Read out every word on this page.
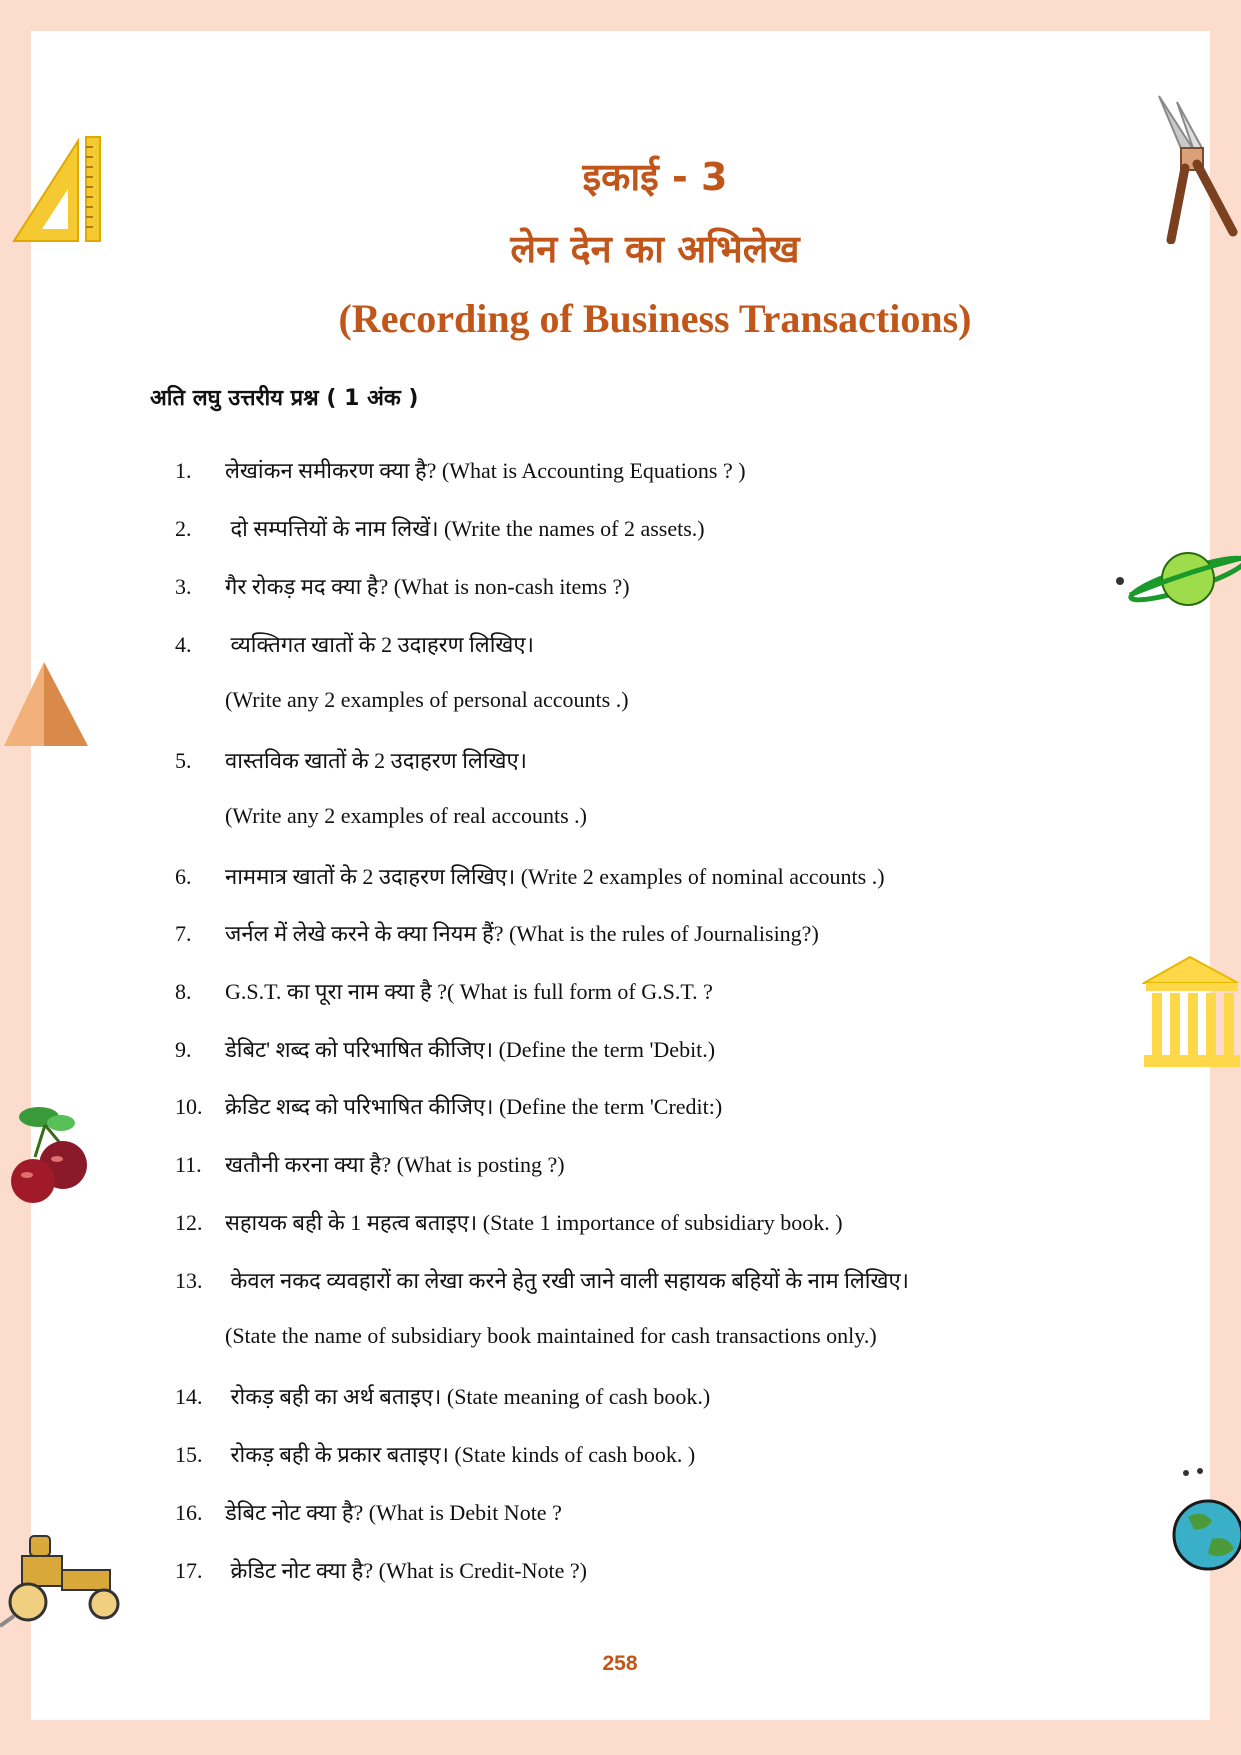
इकाई - 3
लेन देन का अभिलेख
(Recording of Business Transactions)
अति लघु उत्तरीय प्रश्न ( 1 अंक )
1. लेखांकन समीकरण क्या है? (What is Accounting Equations ? )
2. दो सम्पत्तियों के नाम लिखें। (Write the names of 2 assets.)
3. गैर रोकड़ मद क्या है? (What is non-cash items ?)
4. व्यक्तिगत खातों के 2 उदाहरण लिखिए।
(Write any 2 examples of personal accounts .)
5. वास्तविक खातों के 2 उदाहरण लिखिए।
(Write any 2 examples of real accounts .)
6. नाममात्र खातों के 2 उदाहरण लिखिए। (Write 2 examples of nominal accounts .)
7. जर्नल में लेखे करने के क्या नियम हैं? (What is the rules of Journalising?)
8. G.S.T. का पूरा नाम क्या है ?( What is full form of G.S.T. ?
9. डेबिट' शब्द को परिभाषित कीजिए। (Define the term 'Debit.)
10. क्रेडिट शब्द को परिभाषित कीजिए। (Define the term 'Credit:)
11. खतौनी करना क्या है? (What is posting ?)
12. सहायक बही के 1 महत्व बताइए। (State 1 importance of subsidiary book. )
13. केवल नकद व्यवहारों का लेखा करने हेतु रखी जाने वाली सहायक बहियों के नाम लिखिए।
(State the name of subsidiary book maintained for cash transactions only.)
14. रोकड़ बही का अर्थ बताइए। (State meaning of cash book.)
15. रोकड़ बही के प्रकार बताइए। (State kinds of cash book. )
16. डेबिट नोट क्या है? (What is Debit Note ?
17. क्रेडिट नोट क्या है? (What is Credit-Note ?)
258
